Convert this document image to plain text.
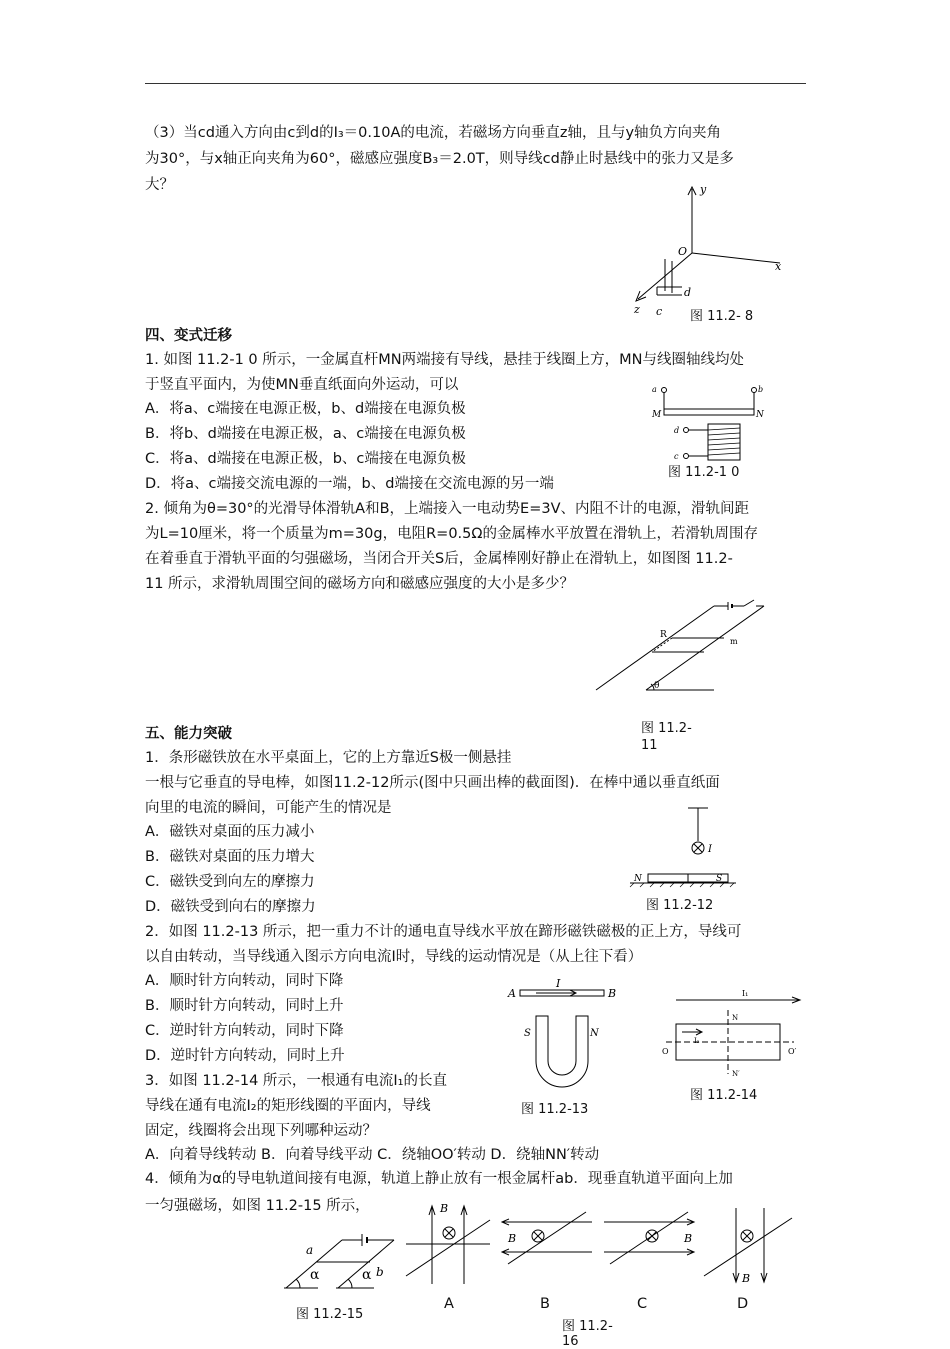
（3）当cd通入方向由c到d的I₃＝0.10A的电流，若磁场方向垂直z轴，且与y轴负方向夹角
为30°，与x轴正向夹角为60°，磁感应强度B₃＝2.0T，则导线cd静止时悬线中的张力又是多
大？	y
O
x
z c
d
图 11.2- 8
四、变式迁移
1. 如图 11.2-1 0 所示，一金属直杆MN两端接有导线，悬挂于线圈上方，MN与线圈轴线均处
于竖直平面内，为使MN垂直纸面向外运动，可以
A．将a、c端接在电源正极，b、d端接在电源负极
B．将b、d端接在电源正极，a、c端接在电源负极
C．将a、d端接在电源正极，b、c端接在电源负极
D．将a、c端接交流电源的一端，b、d端接在交流电源的另一端
a	b
M	N
d
c
图 11.2-1 0
2. 倾角为θ=30°的光滑导体滑轨A和B，上端接入一电动势E=3V、内阻不计的电源，滑轨间距
为L=10厘米，将一个质量为m=30g，电阻R=0.5Ω的金属棒水平放置在滑轨上，若滑轨周围存
在着垂直于滑轨平面的匀强磁场，当闭合开关S后，金属棒刚好静止在滑轨上，如图图 11.2-
11 所示，求滑轨周围空间的磁场方向和磁感应强度的大小是多少？
R
m
θ
图 11.2-
11
五、能力突破
1．条形磁铁放在水平桌面上，它的上方靠近S极一侧悬挂
一根与它垂直的导电棒，如图11.2-12所示(图中只画出棒的截面图)．在棒中通以垂直纸面
向里的电流的瞬间，可能产生的情况是
A．磁铁对桌面的压力减小
B．磁铁对桌面的压力增大
C．磁铁受到向左的摩擦力
D．磁铁受到向右的摩擦力
I
N	S
图 11.2-12
2．如图 11.2-13 所示，把一重力不计的通电直导线水平放在蹄形磁铁磁极的正上方，导线可
以自由转动，当导线通入图示方向电流I时，导线的运动情况是（从上往下看）
A．顺时针方向转动，同时下降
B．顺时针方向转动，同时上升
C．逆时针方向转动，同时下降
D．逆时针方向转动，同时上升
A
I
B
S	N
图 11.2-13
I₁
N
I₂
O	O′
N′
图 11.2-14
3．如图 11.2-14 所示，一根通有电流I₁的长直
导线在通有电流I₂的矩形线圈的平面内，导线
固定，线圈将会出现下列哪种运动？
A．向着导线转动 B．向着导线平动 C．绕轴OO′转动 D．绕轴NN′转动
4．倾角为α的导电轨道间接有电源，轨道上静止放有一根金属杆ab．现垂直轨道平面向上加
一匀强磁场，如图 11.2-15 所示，
a
b
α	α
图 11.2-15
B
B	B
B
A	B	C	D
图 11.2-
16
